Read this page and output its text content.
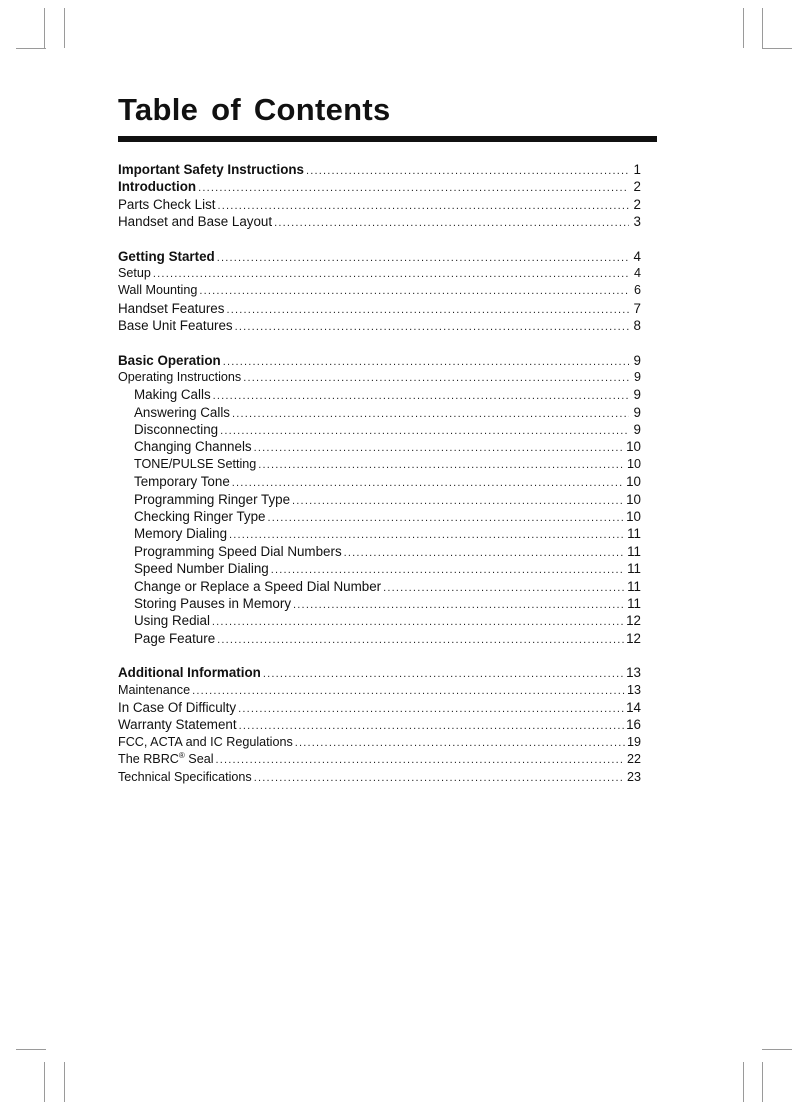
Table of Contents
Important Safety Instructions .....	1
Introduction .....	2
Parts Check List .....	2
Handset and Base Layout .....	3
Getting Started .....	4
Setup .....	4
Wall Mounting .....	6
Handset Features .....	7
Base Unit Features .....	8
Basic Operation .....	9
Operating Instructions .....	9
Making Calls .....	9
Answering Calls .....	9
Disconnecting .....	9
Changing Channels .....	10
TONE/PULSE Setting .....	10
Temporary Tone .....	10
Programming Ringer Type .....	10
Checking Ringer Type .....	10
Memory Dialing .....	11
Programming Speed Dial Numbers .....	11
Speed Number Dialing .....	11
Change or Replace a Speed Dial Number .....	11
Storing Pauses in Memory .....	11
Using Redial .....	12
Page Feature .....	12
Additional Information .....	13
Maintenance .....	13
In Case Of Difficulty .....	14
Warranty Statement .....	16
FCC, ACTA and IC Regulations .....	19
The RBRC® Seal .....	22
Technical Specifications .....	23
